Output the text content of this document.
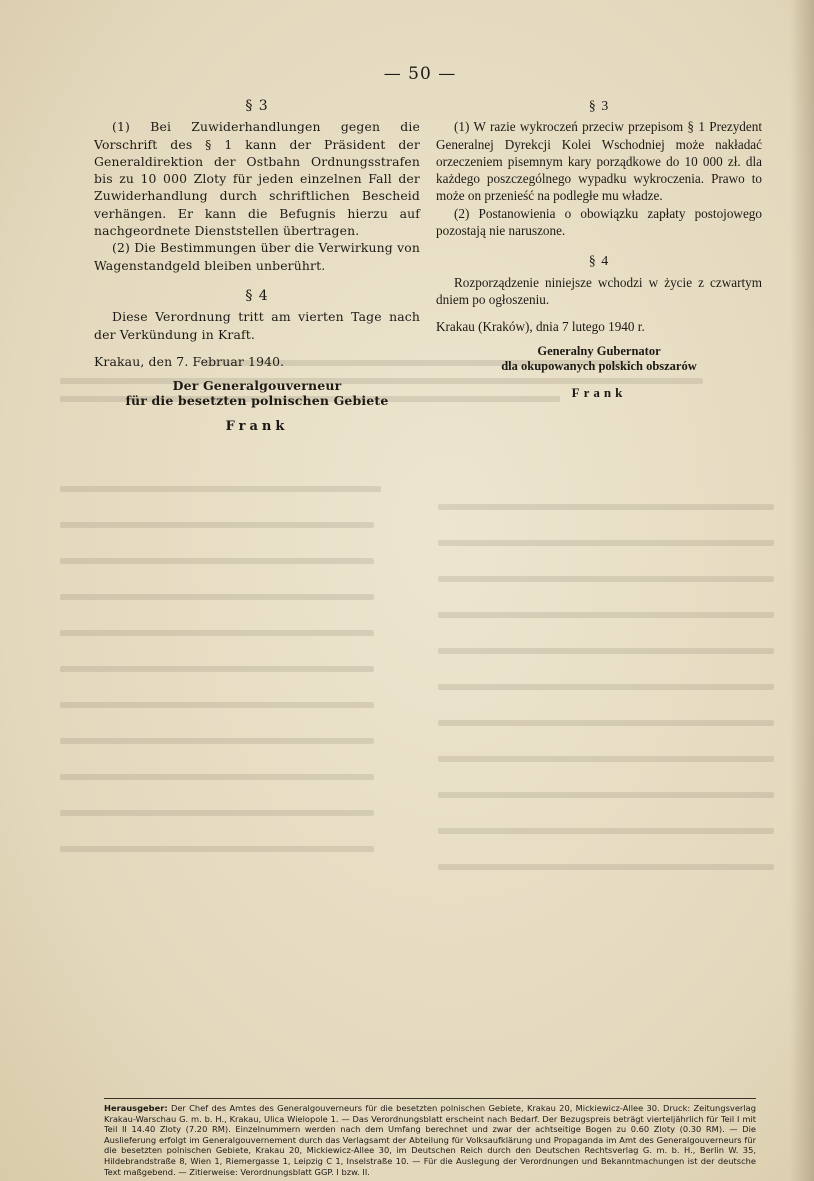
— 50 —
§ 3

(1) Bei Zuwiderhandlungen gegen die Vorschrift des § 1 kann der Präsident der Generaldirektion der Ostbahn Ordnungsstrafen bis zu 10 000 Zloty für jeden einzelnen Fall der Zuwiderhandlung durch schriftlichen Bescheid verhängen. Er kann die Befugnis hierzu auf nachgeordnete Dienststellen übertragen.

(2) Die Bestimmungen über die Verwirkung von Wagenstandgeld bleiben unberührt.

§ 4

Diese Verordnung tritt am vierten Tage nach der Verkündung in Kraft.

Krakau, den 7. Februar 1940.

Der Generalgouverneur
für die besetzten polnischen Gebiete
Frank
§ 3

(1) W razie wykroczeń przeciw przepisom § 1 Prezydent Generalnej Dyrekcji Kolei Wschodniej może nakładać orzeczeniem pisemnym kary porządkowe do 10 000 zł. dla każdego poszczególnego wypadku wykroczenia. Prawo to może on przenieść na podległe mu władze.

(2) Postanowienia o obowiązku zapłaty postojowego pozostają nie naruszone.

§ 4

Rozporządzenie niniejsze wchodzi w życie z czwartym dniem po ogłoszeniu.

Krakau (Kraków), dnia 7 lutego 1940 r.

Generalny Gubernator
dla okupowanych polskich obszarów
Frank
Herausgeber: Der Chef des Amtes des Generalgouverneurs für die besetzten polnischen Gebiete, Krakau 20, Mickiewicz-Allee 30. Druck: Zeitungsverlag Krakau-Warschau G. m. b. H., Krakau, Ulica Wielopole 1. — Das Verordnungsblatt erscheint nach Bedarf. Der Bezugspreis beträgt vierteljährlich für Teil I mit Teil II 14.40 Zloty (7.20 RM). Einzelnummern werden nach dem Umfang berechnet und zwar der achtseitige Bogen zu 0.60 Zloty (0.30 RM). — Die Auslieferung erfolgt im Generalgouvernement durch das Verlagsamt der Abteilung für Volksaufklärung und Propaganda im Amt des Generalgouverneurs für die besetzten polnischen Gebiete, Krakau 20, Mickiewicz-Allee 30, im Deutschen Reich durch den Deutschen Rechtsverlag G. m. b. H., Berlin W. 35, Hildebrandstraße 8, Wien 1, Riemergasse 1, Leipzig C 1, Inselstraße 10. — Für die Auslegung der Verordnungen und Bekanntmachungen ist der deutsche Text maßgebend. — Zitierweise: Verordnungsblatt GGP. I bzw. II.
